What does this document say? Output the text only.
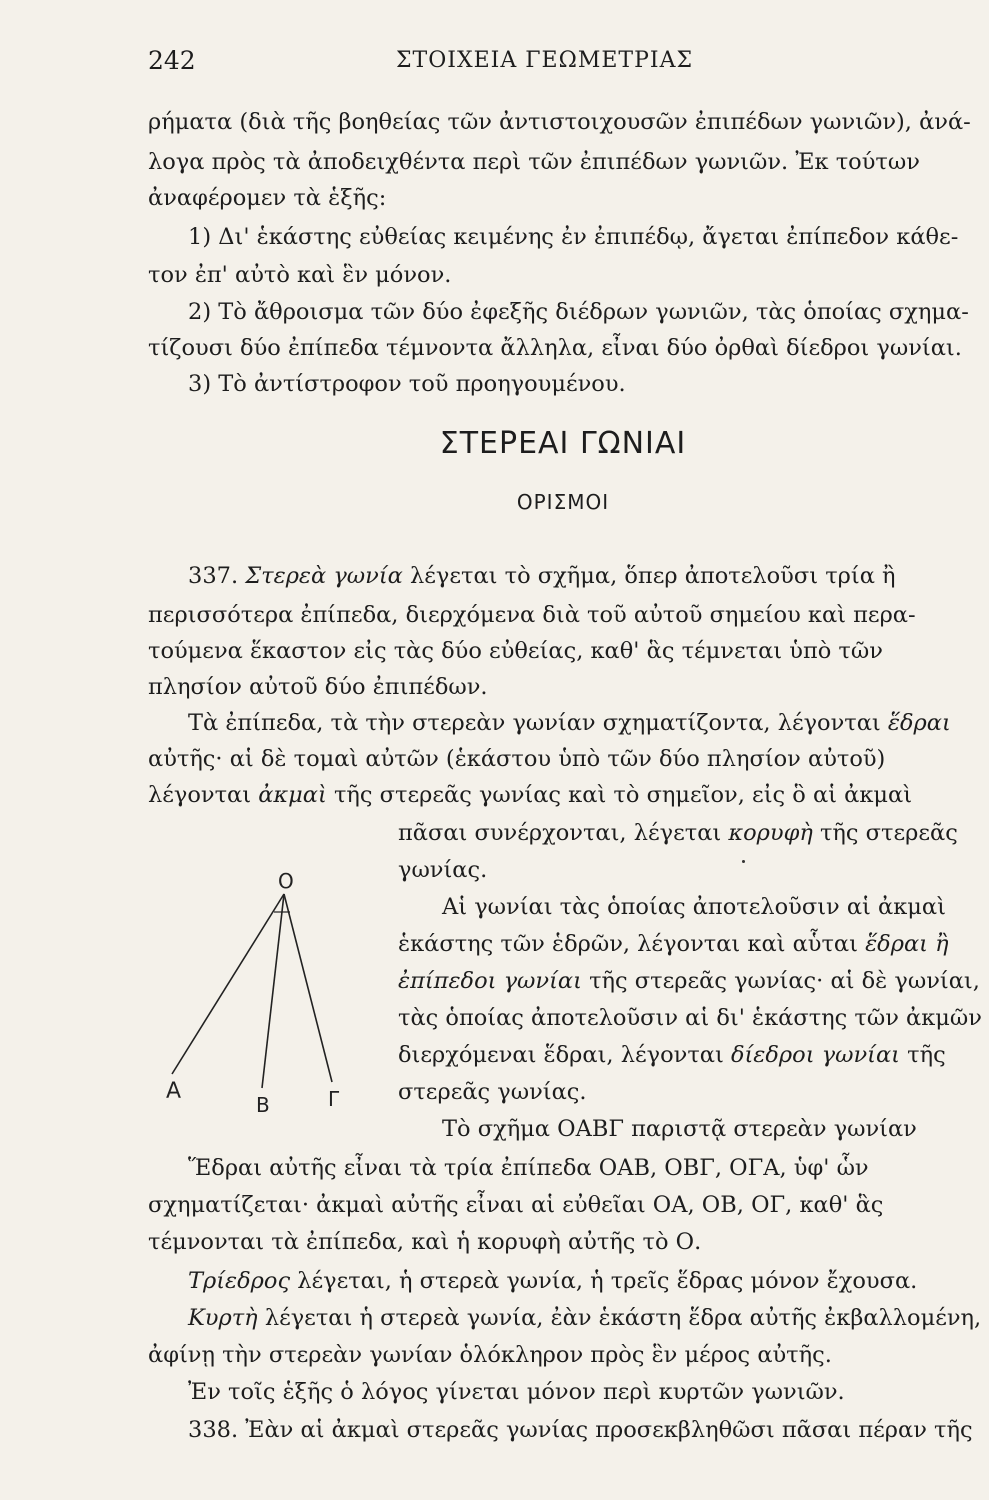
242	ΣΤΟΙΧΕΙΑ ΓΕΩΜΕΤΡΙΑΣ
ρήματα (διὰ τῆς βοηθείας τῶν ἀντιστοιχουσῶν ἐπιπέδων γωνιῶν), ἀνά-
λογα πρὸς τὰ ἀποδειχθέντα περὶ τῶν ἐπιπέδων γωνιῶν. Ἐκ τούτων
ἀναφέρομεν τὰ ἑξῆς:
1) Δι' ἑκάστης εὐθείας κειμένης ἐν ἐπιπέδῳ, ἄγεται ἐπίπεδον κάθε-
τον ἐπ' αὐτὸ καὶ ἓν μόνον.
2) Τὸ ἄθροισμα τῶν δύο ἐφεξῆς διέδρων γωνιῶν, τὰς ὁποίας σχημα-
τίζουσι δύο ἐπίπεδα τέμνοντα ἄλληλα, εἶναι δύο ὀρθαὶ δίεδροι γωνίαι.
3) Τὸ ἀντίστροφον τοῦ προηγουμένου.
ΣΤΕΡΕΑΙ ΓΩΝΙΑΙ
ΟΡΙΣΜΟΙ
337. Στερεὰ γωνία λέγεται τὸ σχῆμα, ὅπερ ἀποτελοῦσι τρία ἢ
περισσότερα ἐπίπεδα, διερχόμενα διὰ τοῦ αὐτοῦ σημείου καὶ περα-
τούμενα ἕκαστον εἰς τὰς δύο εὐθείας, καθ' ἃς τέμνεται ὑπὸ τῶν
πλησίον αὐτοῦ δύο ἐπιπέδων.
Τὰ ἐπίπεδα, τὰ τὴν στερεὰν γωνίαν σχηματίζοντα, λέγονται ἕδραι
αὐτῆς· αἱ δὲ τομαὶ αὐτῶν (ἑκάστου ὑπὸ τῶν δύο πλησίον αὐτοῦ)
λέγονται ἀκμαὶ τῆς στερεᾶς γωνίας καὶ τὸ σημεῖον, εἰς ὃ αἱ ἀκμαὶ
πᾶσαι συνέρχονται, λέγεται κορυφὴ τῆς στερεᾶς
γωνίας.
Αἱ γωνίαι τὰς ὁποίας ἀποτελοῦσιν αἱ ἀκμαὶ
ἑκάστης τῶν ἑδρῶν, λέγονται καὶ αὗται ἕδραι ἢ
ἐπίπεδοι γωνίαι τῆς στερεᾶς γωνίας· αἱ δὲ γωνίαι,
τὰς ὁποίας ἀποτελοῦσιν αἱ δι' ἑκάστης τῶν ἀκμῶν
διερχόμεναι ἕδραι, λέγονται δίεδροι γωνίαι τῆς
στερεᾶς γωνίας.
Τὸ σχῆμα ΟΑΒΓ παριστᾷ στερεὰν γωνίαν
Ἕδραι αὐτῆς εἶναι τὰ τρία ἐπίπεδα ΟΑΒ, ΟΒΓ, ΟΓΑ, ὑφ' ὧν
σχηματίζεται· ἀκμαὶ αὐτῆς εἶναι αἱ εὐθεῖαι ΟΑ, ΟΒ, ΟΓ, καθ' ἃς
τέμνονται τὰ ἐπίπεδα, καὶ ἡ κορυφὴ αὐτῆς τὸ Ο.
Τρίεδρος λέγεται, ἡ στερεὰ γωνία, ἡ τρεῖς ἕδρας μόνον ἔχουσα.
Κυρτὴ λέγεται ἡ στερεὰ γωνία, ἐὰν ἑκάστη ἕδρα αὐτῆς ἐκβαλλομένη,
ἀφίνῃ τὴν στερεὰν γωνίαν ὁλόκληρον πρὸς ἓν μέρος αὐτῆς.
Ἐν τοῖς ἑξῆς ὁ λόγος γίνεται μόνον περὶ κυρτῶν γωνιῶν.
338. Ἐὰν αἱ ἀκμαὶ στερεᾶς γωνίας προσεκβληθῶσι πᾶσαι πέραν τῆς
Ο
Α
Β	Γ
